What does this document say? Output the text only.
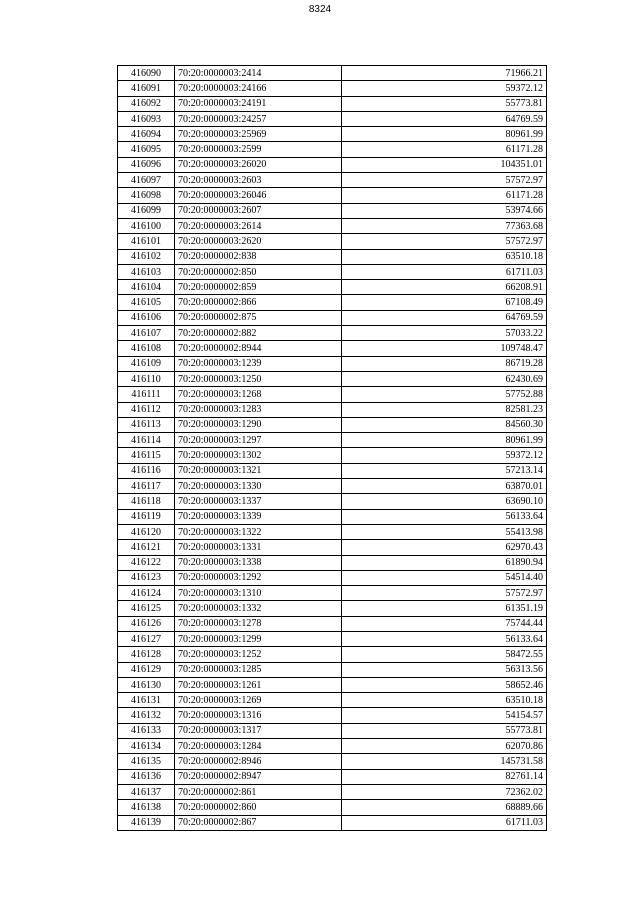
8324
416090	70:20:0000003:2414	71966.21
416091	70:20:0000003:24166	59372.12
416092	70:20:0000003:24191	55773.81
416093	70:20:0000003:24257	64769.59
416094	70:20:0000003:25969	80961.99
416095	70:20:0000003:2599	61171.28
416096	70:20:0000003:26020	104351.01
416097	70:20:0000003:2603	57572.97
416098	70:20:0000003:26046	61171.28
416099	70:20:0000003:2607	53974.66
416100	70:20:0000003:2614	77363.68
416101	70:20:0000003:2620	57572.97
416102	70:20:0000002:838	63510.18
416103	70:20:0000002:850	61711.03
416104	70:20:0000002:859	66208.91
416105	70:20:0000002:866	67108.49
416106	70:20:0000002:875	64769.59
416107	70:20:0000002:882	57033.22
416108	70:20:0000002:8944	109748.47
416109	70:20:0000003:1239	86719.28
416110	70:20:0000003:1250	62430.69
416111	70:20:0000003:1268	57752.88
416112	70:20:0000003:1283	82581.23
416113	70:20:0000003:1290	84560.30
416114	70:20:0000003:1297	80961.99
416115	70:20:0000003:1302	59372.12
416116	70:20:0000003:1321	57213.14
416117	70:20:0000003:1330	63870.01
416118	70:20:0000003:1337	63690.10
416119	70:20:0000003:1339	56133.64
416120	70:20:0000003:1322	55413.98
416121	70:20:0000003:1331	62970.43
416122	70:20:0000003:1338	61890.94
416123	70:20:0000003:1292	54514.40
416124	70:20:0000003:1310	57572.97
416125	70:20:0000003:1332	61351.19
416126	70:20:0000003:1278	75744.44
416127	70:20:0000003:1299	56133.64
416128	70:20:0000003:1252	58472.55
416129	70:20:0000003:1285	56313.56
416130	70:20:0000003:1261	58652.46
416131	70:20:0000003:1269	63510.18
416132	70:20:0000003:1316	54154.57
416133	70:20:0000003:1317	55773.81
416134	70:20:0000003:1284	62070.86
416135	70:20:0000002:8946	145731.58
416136	70:20:0000002:8947	82761.14
416137	70:20:0000002:861	72362.02
416138	70:20:0000002:860	68889.66
416139	70:20:0000002:867	61711.03
